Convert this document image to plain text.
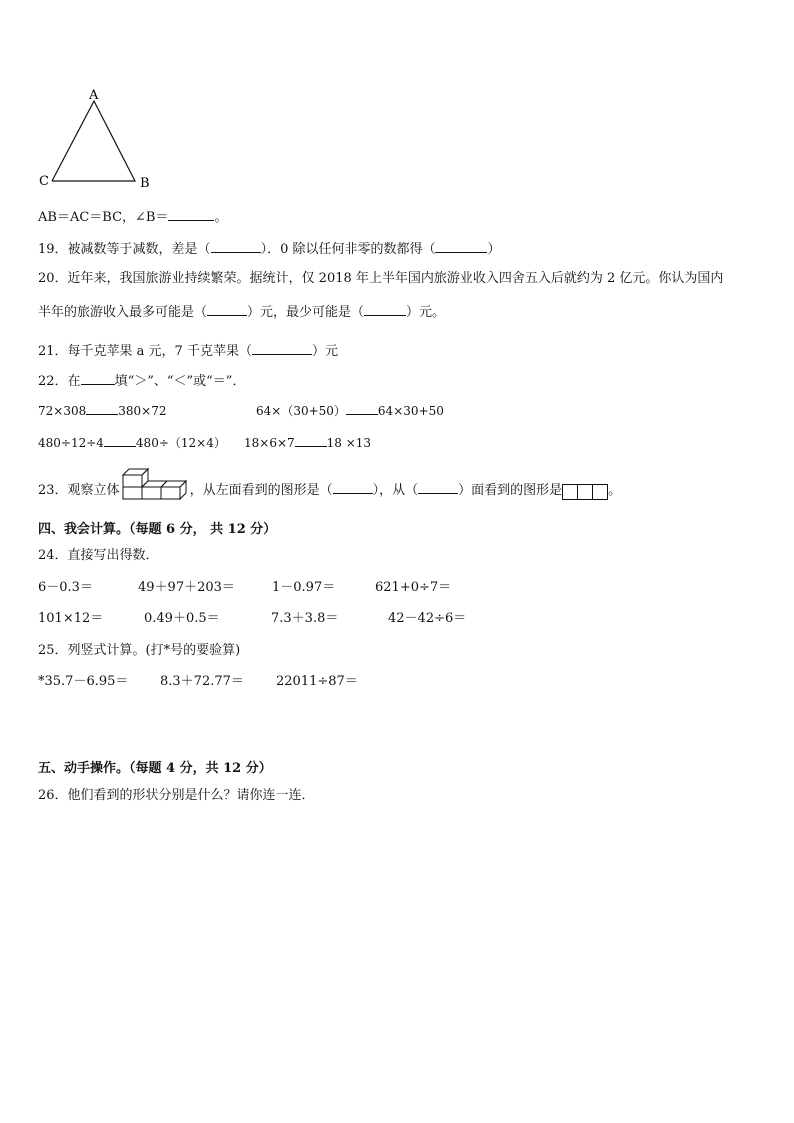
A
C	B
AB＝AC＝BC，∠B＝	。
19．被减数等于减数，差是（	）．0 除以任何非零的数都得（	）
20．近年来，我国旅游业持续繁荣。据统计，仅 2018 年上半年国内旅游业收入四舍五入后就约为 2 亿元。你认为国内
半年的旅游收入最多可能是（	）元，最少可能是（	）元。
21．每千克苹果 a 元，7 千克苹果（	）元
22．在	填“＞”、“＜”或“＝”．
72×308	380×72	64×（30+50）	64×30+50
480÷12÷4	480÷（12×4） 18×6×7	18 ×13
23．观察立体	，从左面看到的图形是（	），从（	）面看到的图形是	。
四、我会计算。（每题 6 分， 共 12 分）
24．直接写出得数．
6－0.3＝	49＋97＋203＝	1－0.97＝	621+0÷7＝
101×12＝	0.49＋0.5＝	7.3＋3.8＝	42－42÷6＝
25．列竖式计算。(打*号的要验算)
*35.7－6.95＝ 8.3＋72.77＝ 22011÷87＝
五、动手操作。（每题 4 分，共 12 分）
26．他们看到的形状分别是什么？请你连一连．
